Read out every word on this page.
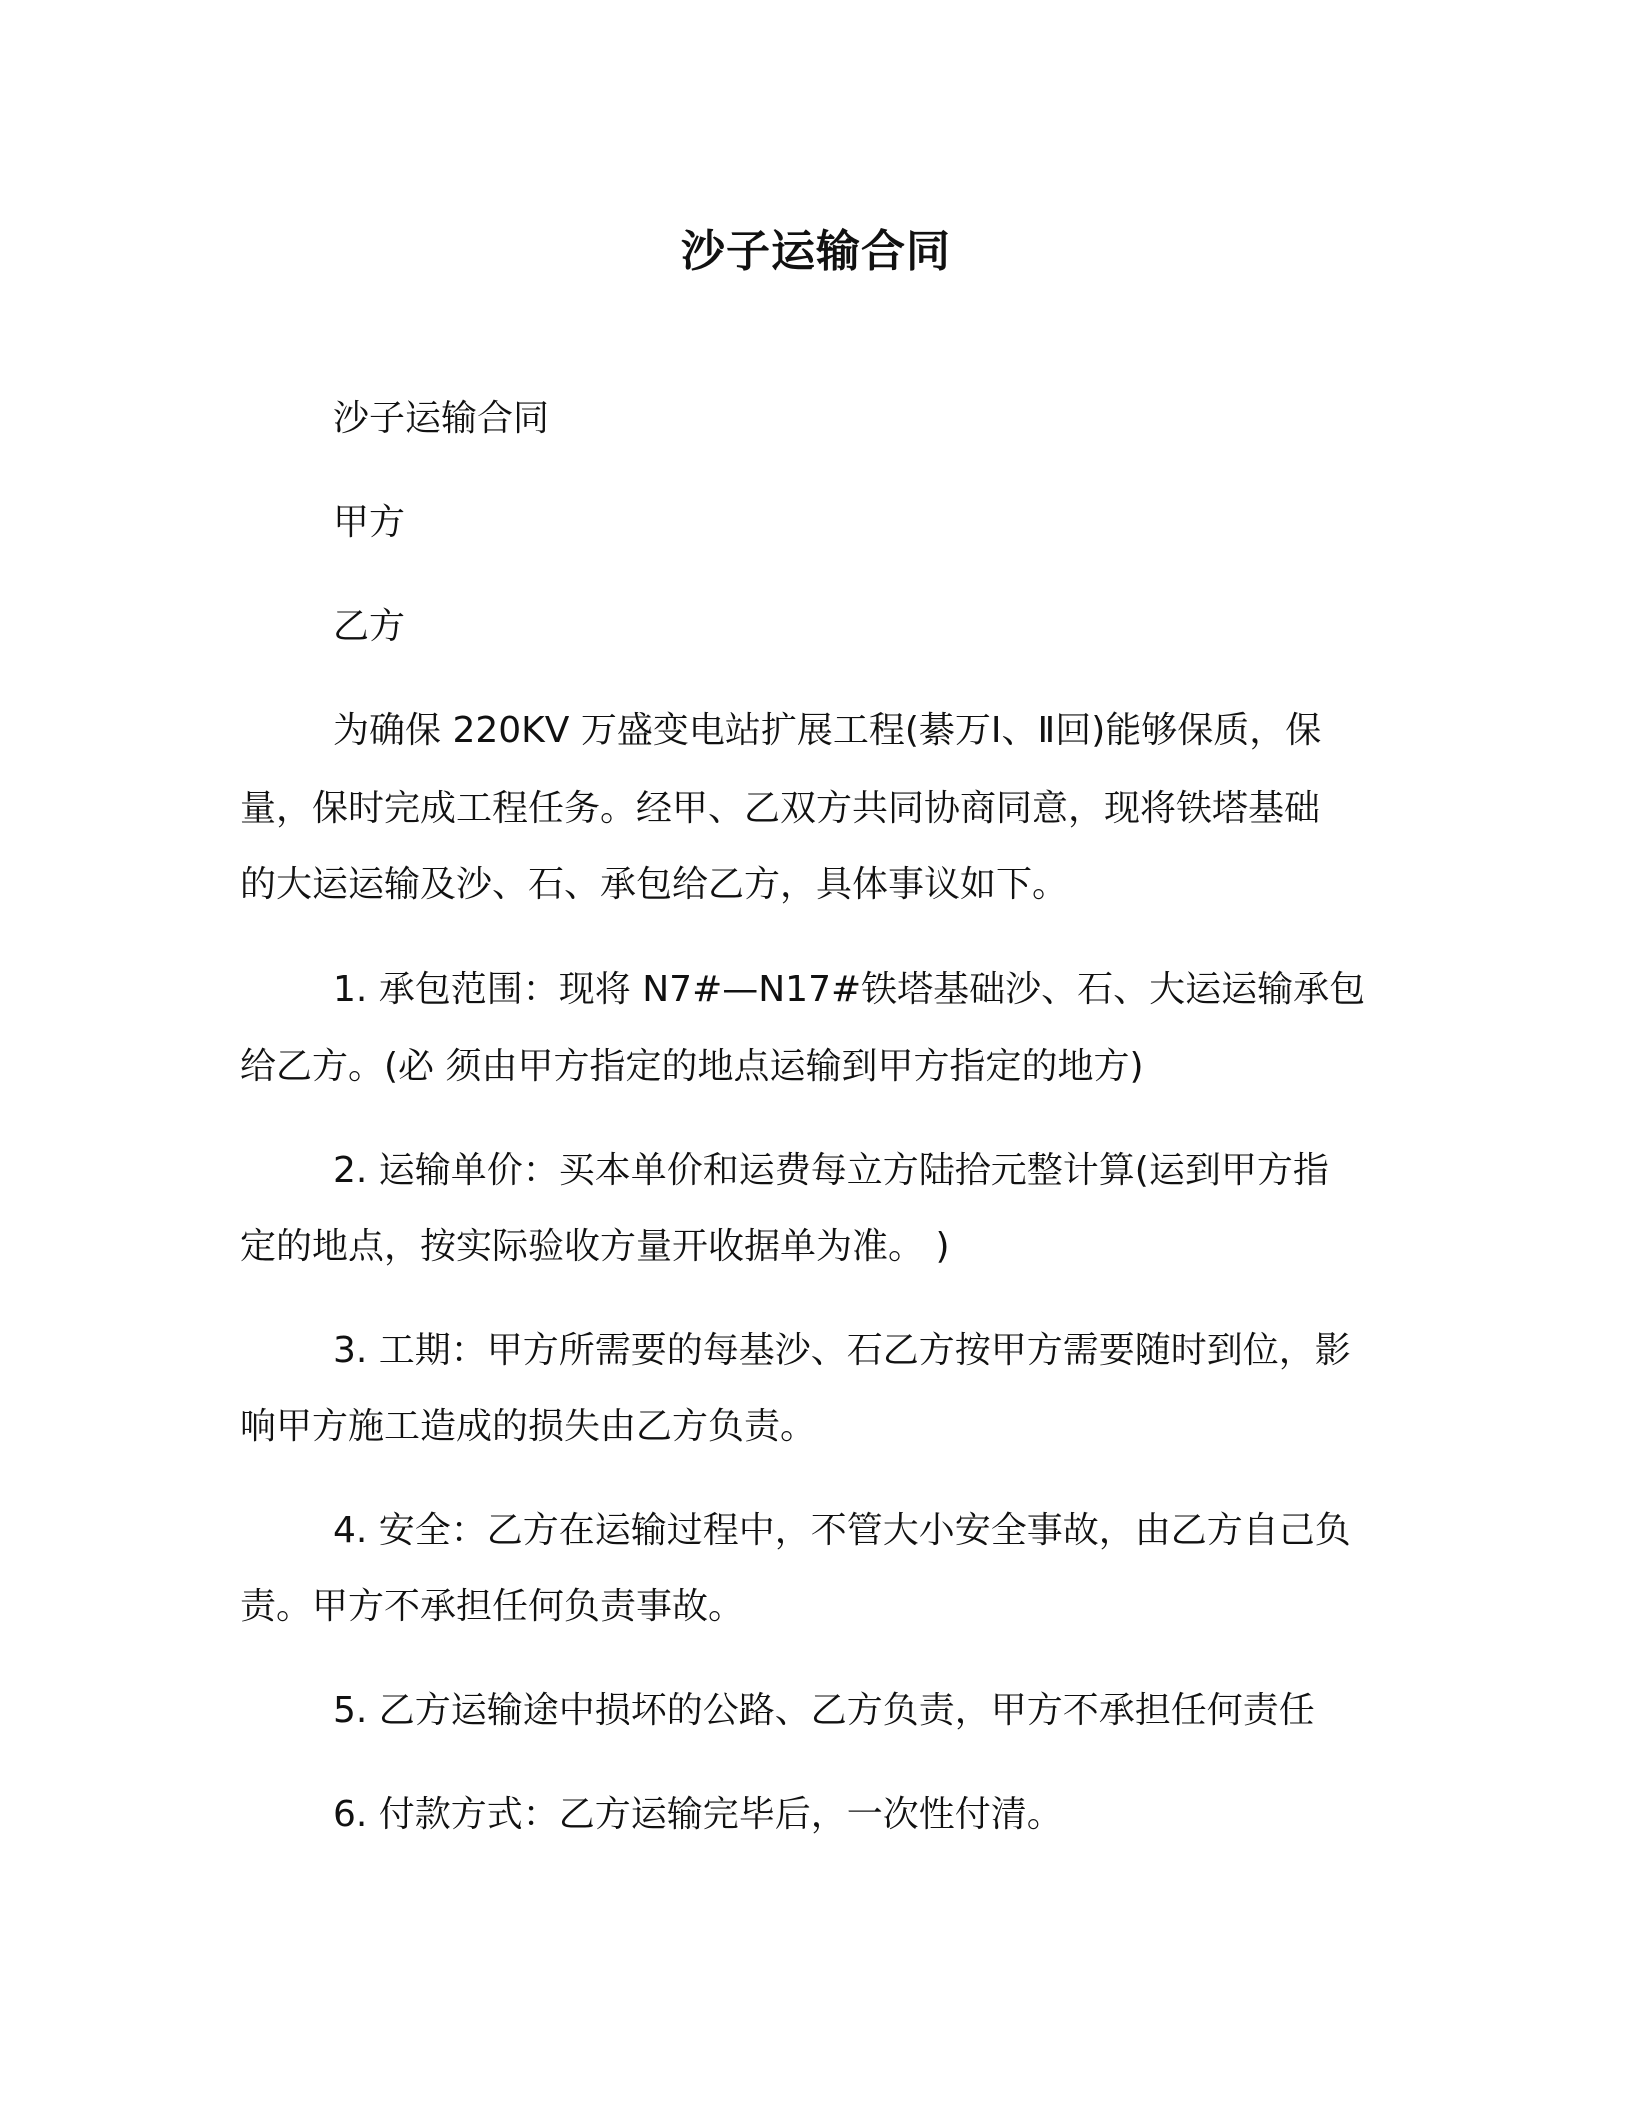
沙子运输合同
沙子运输合同
甲方
乙方
为确保 220KV 万盛变电站扩展工程(綦万Ⅰ、Ⅱ回)能够保质，保
量，保时完成工程任务。经甲、乙双方共同协商同意，现将铁塔基础
的大运运输及沙、石、承包给乙方，具体事议如下。
1. 承包范围：现将 N7#—N17#铁塔基础沙、石、大运运输承包
给乙方。(必 须由甲方指定的地点运输到甲方指定的地方)
2. 运输单价：买本单价和运费每立方陆拾元整计算(运到甲方指
定的地点，按实际验收方量开收据单为准。 )
3. 工期：甲方所需要的每基沙、石乙方按甲方需要随时到位，影
响甲方施工造成的损失由乙方负责。
4. 安全：乙方在运输过程中，不管大小安全事故，由乙方自己负
责。甲方不承担任何负责事故。
5. 乙方运输途中损坏的公路、乙方负责，甲方不承担任何责任
6. 付款方式：乙方运输完毕后，一次性付清。
